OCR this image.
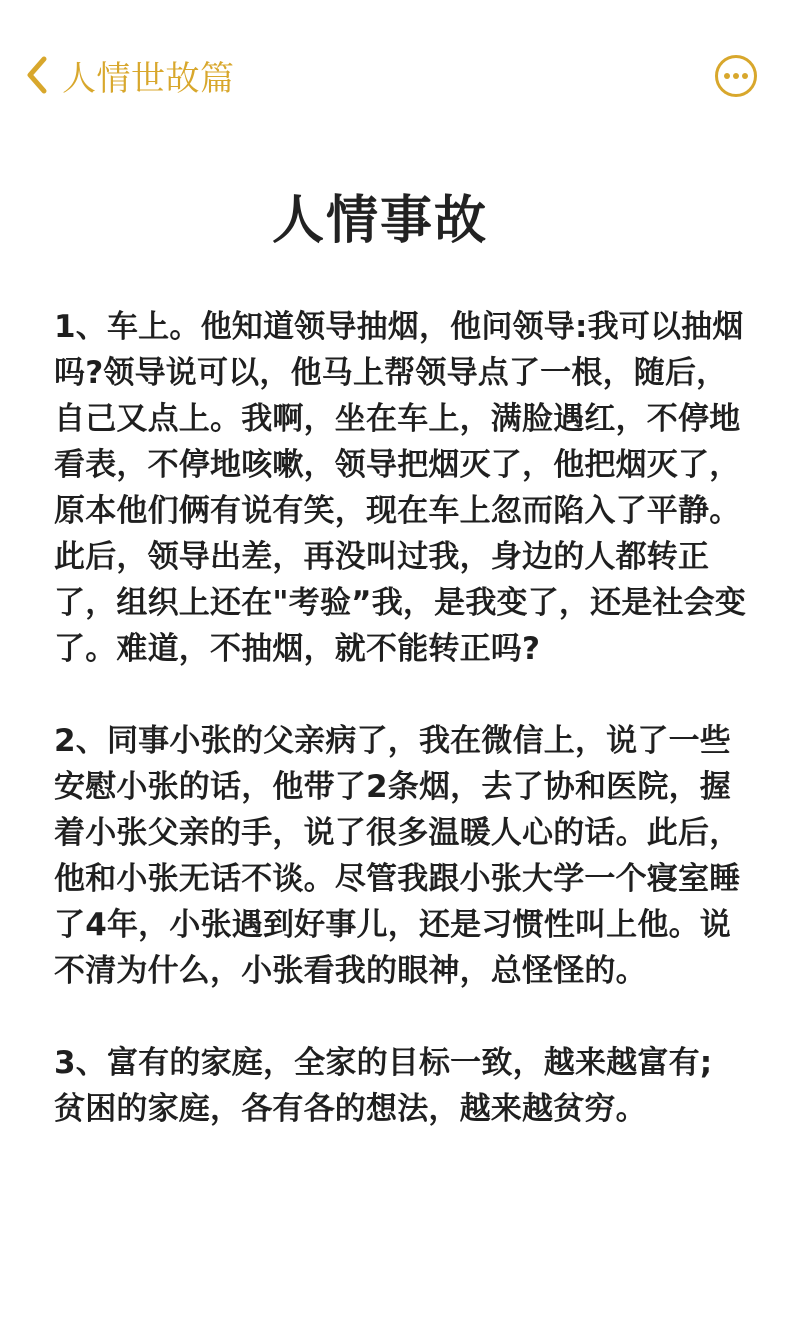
人情世故篇
人情事故

1、车上。他知道领导抽烟，他问领导:我可以抽烟吗?领导说可以，他马上帮领导点了一根，随后，自己又点上。我啊，坐在车上，满脸遇红，不停地看表，不停地咳嗽，领导把烟灭了，他把烟灭了，原本他们俩有说有笑，现在车上忽而陷入了平静。此后，领导出差，再没叫过我，身边的人都转正了，组织上还在"考验”我，是我变了，还是社会变了。难道，不抽烟，就不能转正吗?

2、同事小张的父亲病了，我在微信上，说了一些安慰小张的话，他带了2条烟，去了协和医院，握着小张父亲的手，说了很多温暖人心的话。此后，他和小张无话不谈。尽管我跟小张大学一个寝室睡了4年，小张遇到好事儿，还是习惯性叫上他。说不清为什么，小张看我的眼神，总怪怪的。

3、富有的家庭，全家的目标一致，越来越富有;
贫困的家庭，各有各的想法，越来越贫穷。
